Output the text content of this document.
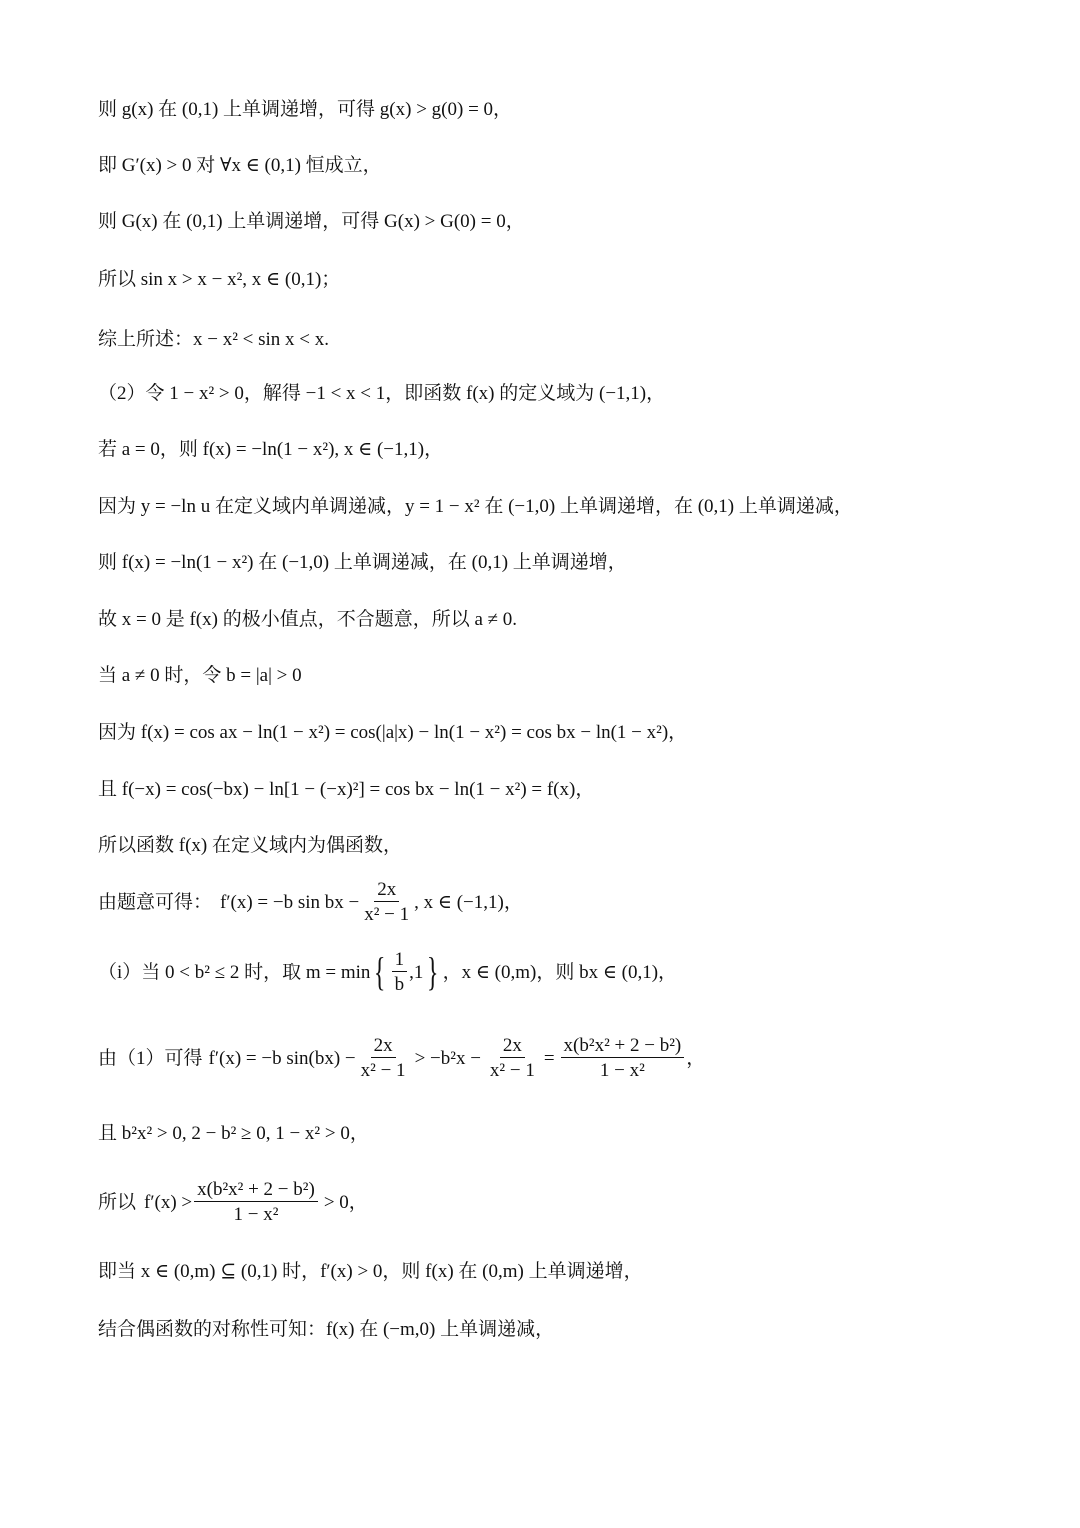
则 g(x) 在 (0,1) 上单调递增，可得 g(x) > g(0) = 0，
即 G′(x) > 0 对 ∀x ∈ (0,1) 恒成立，
则 G(x) 在 (0,1) 上单调递增，可得 G(x) > G(0) = 0，
所以 sin x > x − x², x ∈ (0,1)；
综上所述：x − x² < sin x < x.
（2）令 1 − x² > 0，解得 −1 < x < 1，即函数 f(x) 的定义域为 (−1,1)，
若 a = 0，则 f(x) = −ln(1 − x²), x ∈ (−1,1)，
因为 y = −ln u 在定义域内单调递减，y = 1 − x² 在 (−1,0) 上单调递增，在 (0,1) 上单调递减，
则 f(x) = −ln(1 − x²) 在 (−1,0) 上单调递减，在 (0,1) 上单调递增，
故 x = 0 是 f(x) 的极小值点，不合题意，所以 a ≠ 0.
当 a ≠ 0 时，令 b = |a| > 0
因为 f(x) = cos ax − ln(1 − x²) = cos(|a|x) − ln(1 − x²) = cos bx − ln(1 − x²)，
且 f(−x) = cos(−bx) − ln[1 − (−x)²] = cos bx − ln(1 − x²) = f(x)，
所以函数 f(x) 在定义域内为偶函数，
由题意可得： f′(x) = −b sin bx − $\frac{2x}{\text{x² − 1}}$ , x ∈ (−1,1)，
（i）当 0 < b² ≤ 2 时，取 m = min { $\frac{1}{b} ,1$ } ，x ∈ (0,m)，则 bx ∈ (0,1)，
由（1）可得 f′(x) = −b $\sin(bx) - \frac{2x}{\text{x² − 1}} > -b^2x - \frac{2x}{\text{x² − 1}} = \frac{\text{x(b²x² + 2 − b²)}}{\text{1 − x²}}$ ，
且 b²x² > 0, 2 − b² ≥ 0, 1 − x² > 0，
所以 $f'(x) > \frac{\text{x(b²x² + 2 − b²)}}{\text{1 − x²}} > 0$，
即当 x ∈ (0,m) ⊆ (0,1) 时，f′(x) > 0，则 f(x) 在 (0,m) 上单调递增，
结合偶函数的对称性可知：f(x) 在 (−m,0) 上单调递减，
